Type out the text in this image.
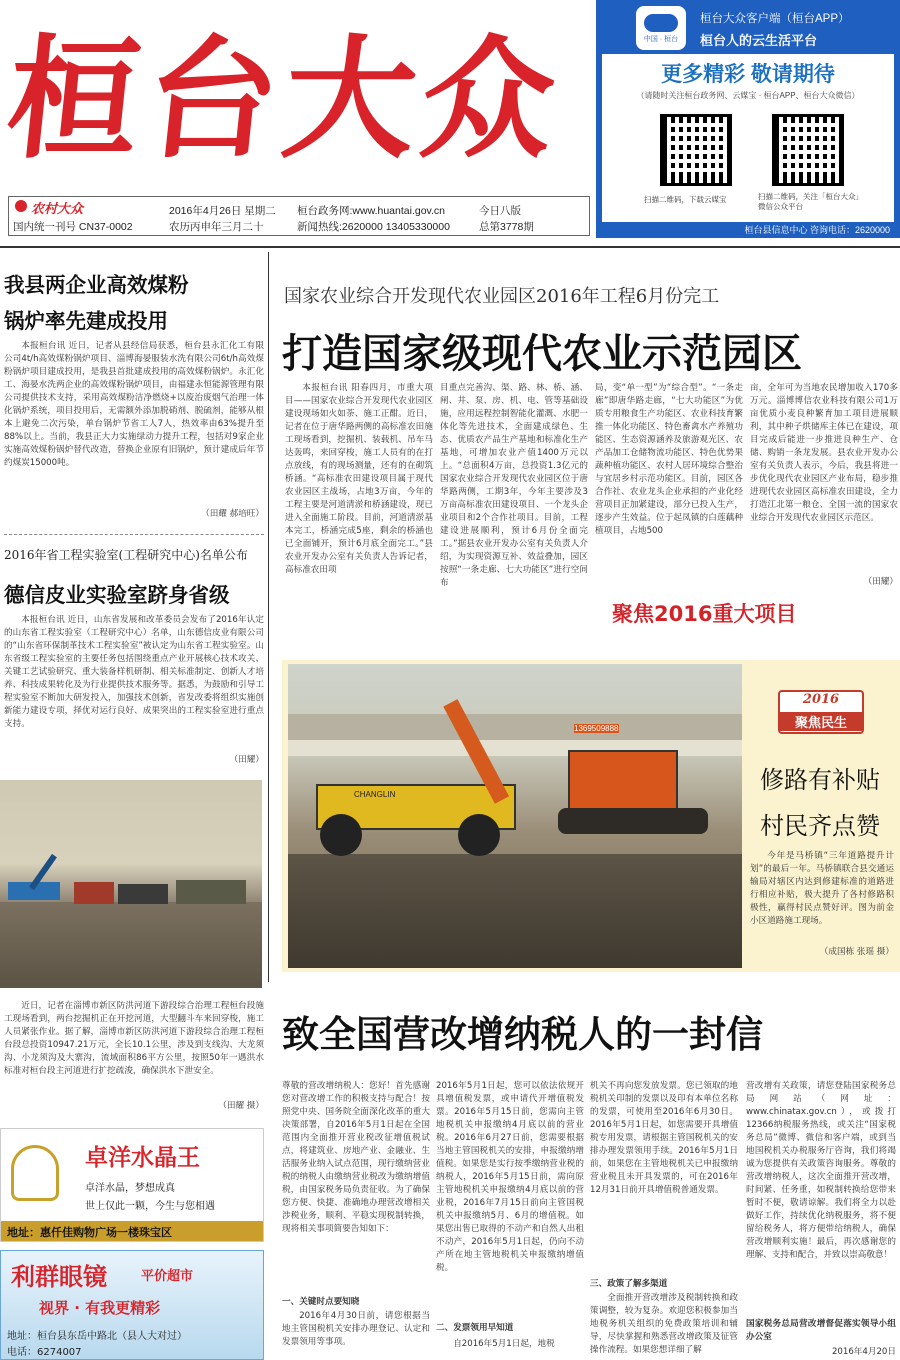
桓台大众
农村大众
国内统一刊号 CN37-0002
2016年4月26日 星期二
农历丙申年三月二十
桓台政务网:www.huantai.gov.cn
新闻热线:2620000 13405330000
今日八版
总第3778期
中国 · 桓台
桓台大众客户端（桓台APP）
桓台人的云生活平台
更多精彩 敬请期待
（请随时关注桓台政务网、云媒宝 · 桓台APP、桓台大众微信）
扫描二维码，下载云媒宝	扫描二维码，关注「桓台大众」微信公众平台
桓台县信息中心 咨询电话：2620000
我县两企业高效煤粉
锅炉率先建成投用
本报桓台讯 近日，记者从县经信局获悉，桓台县永汇化工有限公司4t/h高效煤粉锅炉项目、淄博海晏服装水洗有限公司6t/h高效煤粉锅炉项目建成投用，是我县首批建成投用的高效煤粉锅炉。永汇化工、海晏水洗两企业的高效煤粉锅炉项目，由福建永恒能源管理有限公司提供技术支持，采用高效煤粉洁净燃烧+以废治废烟气治理一体化锅炉系统，项目投用后，无需额外添加脱硝剂、脱硫剂，能够从根本上避免二次污染，单台锅炉节省工人7人，热效率由63%提升至88%以上。当前，我县正大力实施绿动力提升工程，包括对9家企业实施高效煤粉锅炉替代改造，替换企业原有旧锅炉，预计建成后年节约煤炭15000吨。
（田耀 郝培旺）
2016年省工程实验室(工程研究中心)名单公布
德信皮业实验室跻身省级
本报桓台讯 近日，山东省发展和改革委员会发布了2016年认定的山东省工程实验室（工程研究中心）名单，山东德信皮业有限公司的“山东省环保制革技术工程实验室”被认定为山东省工程实验室。山东省级工程实验室的主要任务包括围绕重点产业开展核心技术攻关、关键工艺试验研究、重大装备样机研制、相关标准制定、创新人才培养、科技成果转化及为行业提供技术服务等。据悉，为鼓励和引导工程实验室不断加大研发投入，加强技术创新，省发改委将组织实施创新能力建设专项，择优对运行良好、成果突出的工程实验室进行重点支持。
（田耀）
近日，记者在淄博市新区防洪河道下游段综合治理工程桓台段施工现场看到，两台挖掘机正在开挖河道，大型翻斗车来回穿梭，施工人员紧张作业。据了解，淄博市新区防洪河道下游段综合治理工程桓台段总投资10947.21万元，全长10.1公里，涉及到支线沟、大龙须沟、小龙须沟及大寨沟，流域面积86平方公里，按照50年一遇洪水标准对桓台段主河道进行扩挖疏浚，确保洪水下泄安全。
（田耀 摄）
国家农业综合开发现代农业园区2016年工程6月份完工
打造国家级现代农业示范园区
本报桓台讯 阳春四月，市重大项目——国家农业综合开发现代农业园区建设现场如火如荼、施工正酣。近日，记者在位于唐华路两侧的高标准农田施工现场看到，挖掘机、装载机、吊车马达轰鸣，来回穿梭，施工人员有的在打点放线，有的现场测量，还有的在砌筑桥涵。“高标准农田建设项目属于现代农业园区主战场，占地3万亩，今年的工程主要是河道清淤和桥涵建设，现已进入全面施工阶段。目前，河道清淤基本完工，桥涵完成5座，剩余的桥涵也已全面铺开，预计6月底全面完工。”县农业开发办公室有关负责人告诉记者，高标准农田项
目重点完善沟、渠、路、林、桥、涵、闸、井、泵、房、机、电、管等基础设施，应用远程控制智能化灌溉、水肥一体化等先进技术，全面建成绿色、生态、优质农产品生产基地和标准化生产基地，可增加农业产值1400万元以上。“总面积4万亩，总投资1.3亿元的国家农业综合开发现代农业园区位于唐华路两侧，工期3年，今年主要涉及3万亩高标准农田建设项目、一个龙头企业项目和2个合作社项目。目前，工程建设进展顺利，预计6月份全面完工。”据县农业开发办公室有关负责人介绍，为实现资源互补、效益叠加，园区按照“一条走廊、七大功能区”进行空间布
局，变“单一型”为“综合型”。“一条走廊”即唐华路走廊，“七大功能区”为优质专用粮食生产功能区、农业科技育繁推一体化功能区、特色畜禽水产养殖功能区、生态资源涵养及旅游观光区、农产品加工仓储物流功能区、特色优势果蔬种植功能区、农村人居环境综合整治与宜居乡村示范功能区。目前，园区各合作社、农业龙头企业承担的产业化经营项目正加紧建设，部分已投入生产，逐步产生效益。位于起凤镇的白莲藕种植项目，占地500
亩，全年可为当地农民增加收入170多万元。淄博博信农业科技有限公司1万亩优质小麦良种繁育加工项目进展顺利，其中种子烘储库主体已在建设，项目完成后能进一步推进良种生产、仓储、购销一条龙发展。县农业开发办公室有关负责人表示，今后，我县将进一步优化现代农业园区产业布局，稳步推进现代农业园区高标准农田建设，全力打造江北第一粮仓、全国一流的国家农业综合开发现代农业园区示范区。
（田耀）
聚焦2016重大项目
CHANGLIN
1369509888
2016
聚焦民生
修路有补贴
村民齐点赞
今年是马桥镇“三年道路提升计划”的最后一年。马桥镇联合县交通运输局对辖区内达到修建标准的道路进行相应补贴，极大提升了各村修路积极性，赢得村民点赞好评。图为前金小区道路施工现场。
（成国栋 张瑶 摄）
致全国营改增纳税人的一封信
尊敬的营改增纳税人：您好！首先感谢您对营改增工作的积极支持与配合！按照党中央、国务院全面深化改革的重大决策部署，自2016年5月1日起在全国范围内全面推开营业税改征增值税试点，将建筑业、房地产业、金融业、生活服务业纳入试点范围，现行缴纳营业税的纳税人由缴纳营业税改为缴纳增值税，由国家税务局负责征收。为了确保您方便、快捷、准确地办理营改增相关涉税业务，顺利、平稳实现税制转换，现将相关事项简要告知如下：
一、关键时点要知晓
2016年4月30日前，请您根据当地主管国税机关安排办理登记、认定和发票领用等事项。
2016年5月1日起，您可以依法依规开具增值税发票，或申请代开增值税发票。2016年5月15日前，您需向主管地税机关申报缴纳4月底以前的营业税。2016年6月27日前，您需要根据当地主管国税机关的安排，申报缴纳增值税。如果您是实行按季缴纳营业税的纳税人，2016年5月15日前，需向原主管地税机关申报缴纳4月底以前的营业税，2016年7月15日前向主管国税机关申报缴纳5月、6月的增值税。如果您出售已取得的不动产和自然人出租不动产，2016年5月1日起，仍向不动产所在地主管地税机关申报缴纳增值税。
二、发票领用早知道
自2016年5月1日起，地税
机关不再向您发放发票。您已领取的地税机关印制的发票以及印有本单位名称的发票，可使用至2016年6月30日。2016年5月1日起，如您需要开具增值税专用发票，请根据主管国税机关的安排办理发票领用手续。2016年5月1日前，如果您在主管地税机关已申报缴纳营业税且未开具发票的，可在2016年12月31日前开具增值税普通发票。
三、政策了解多渠道
全面推开营改增涉及税制转换和政策调整，较为复杂。欢迎您积极参加当地税务机关组织的免费政策培训和辅导，尽快掌握和熟悉营改增政策及征管操作流程。如果您想详细了解
营改增有关政策，请您登陆国家税务总局网站（网址：www.chinatax.gov.cn），或拨打12366纳税服务热线，或关注“国家税务总局”微博、微信和客户端，或到当地国税机关办税服务厅咨询，我们将竭诚为您提供有关政策咨询服务。尊敬的营改增纳税人，这次全面推开营改增，时间紧、任务重，如税制转换给您带来暂时不便，敬请谅解。我们将全力以赴做好工作，持续优化纳税服务，将不便留给税务人，将方便带给纳税人，确保营改增顺利实施！最后，再次感谢您的理解、支持和配合，并致以崇高敬意！
国家税务总局营改增督促落实领导小组办公室
2016年4月20日
卓洋水晶王
卓洋水晶，梦想成真
世上仅此一颗，今生与您相遇
地址：惠仟佳购物广场一楼珠宝区
利群眼镜	平价超市
视界 · 有我更精彩
地址：桓台县东岳中路北（县人大对过）
电话：6274007
